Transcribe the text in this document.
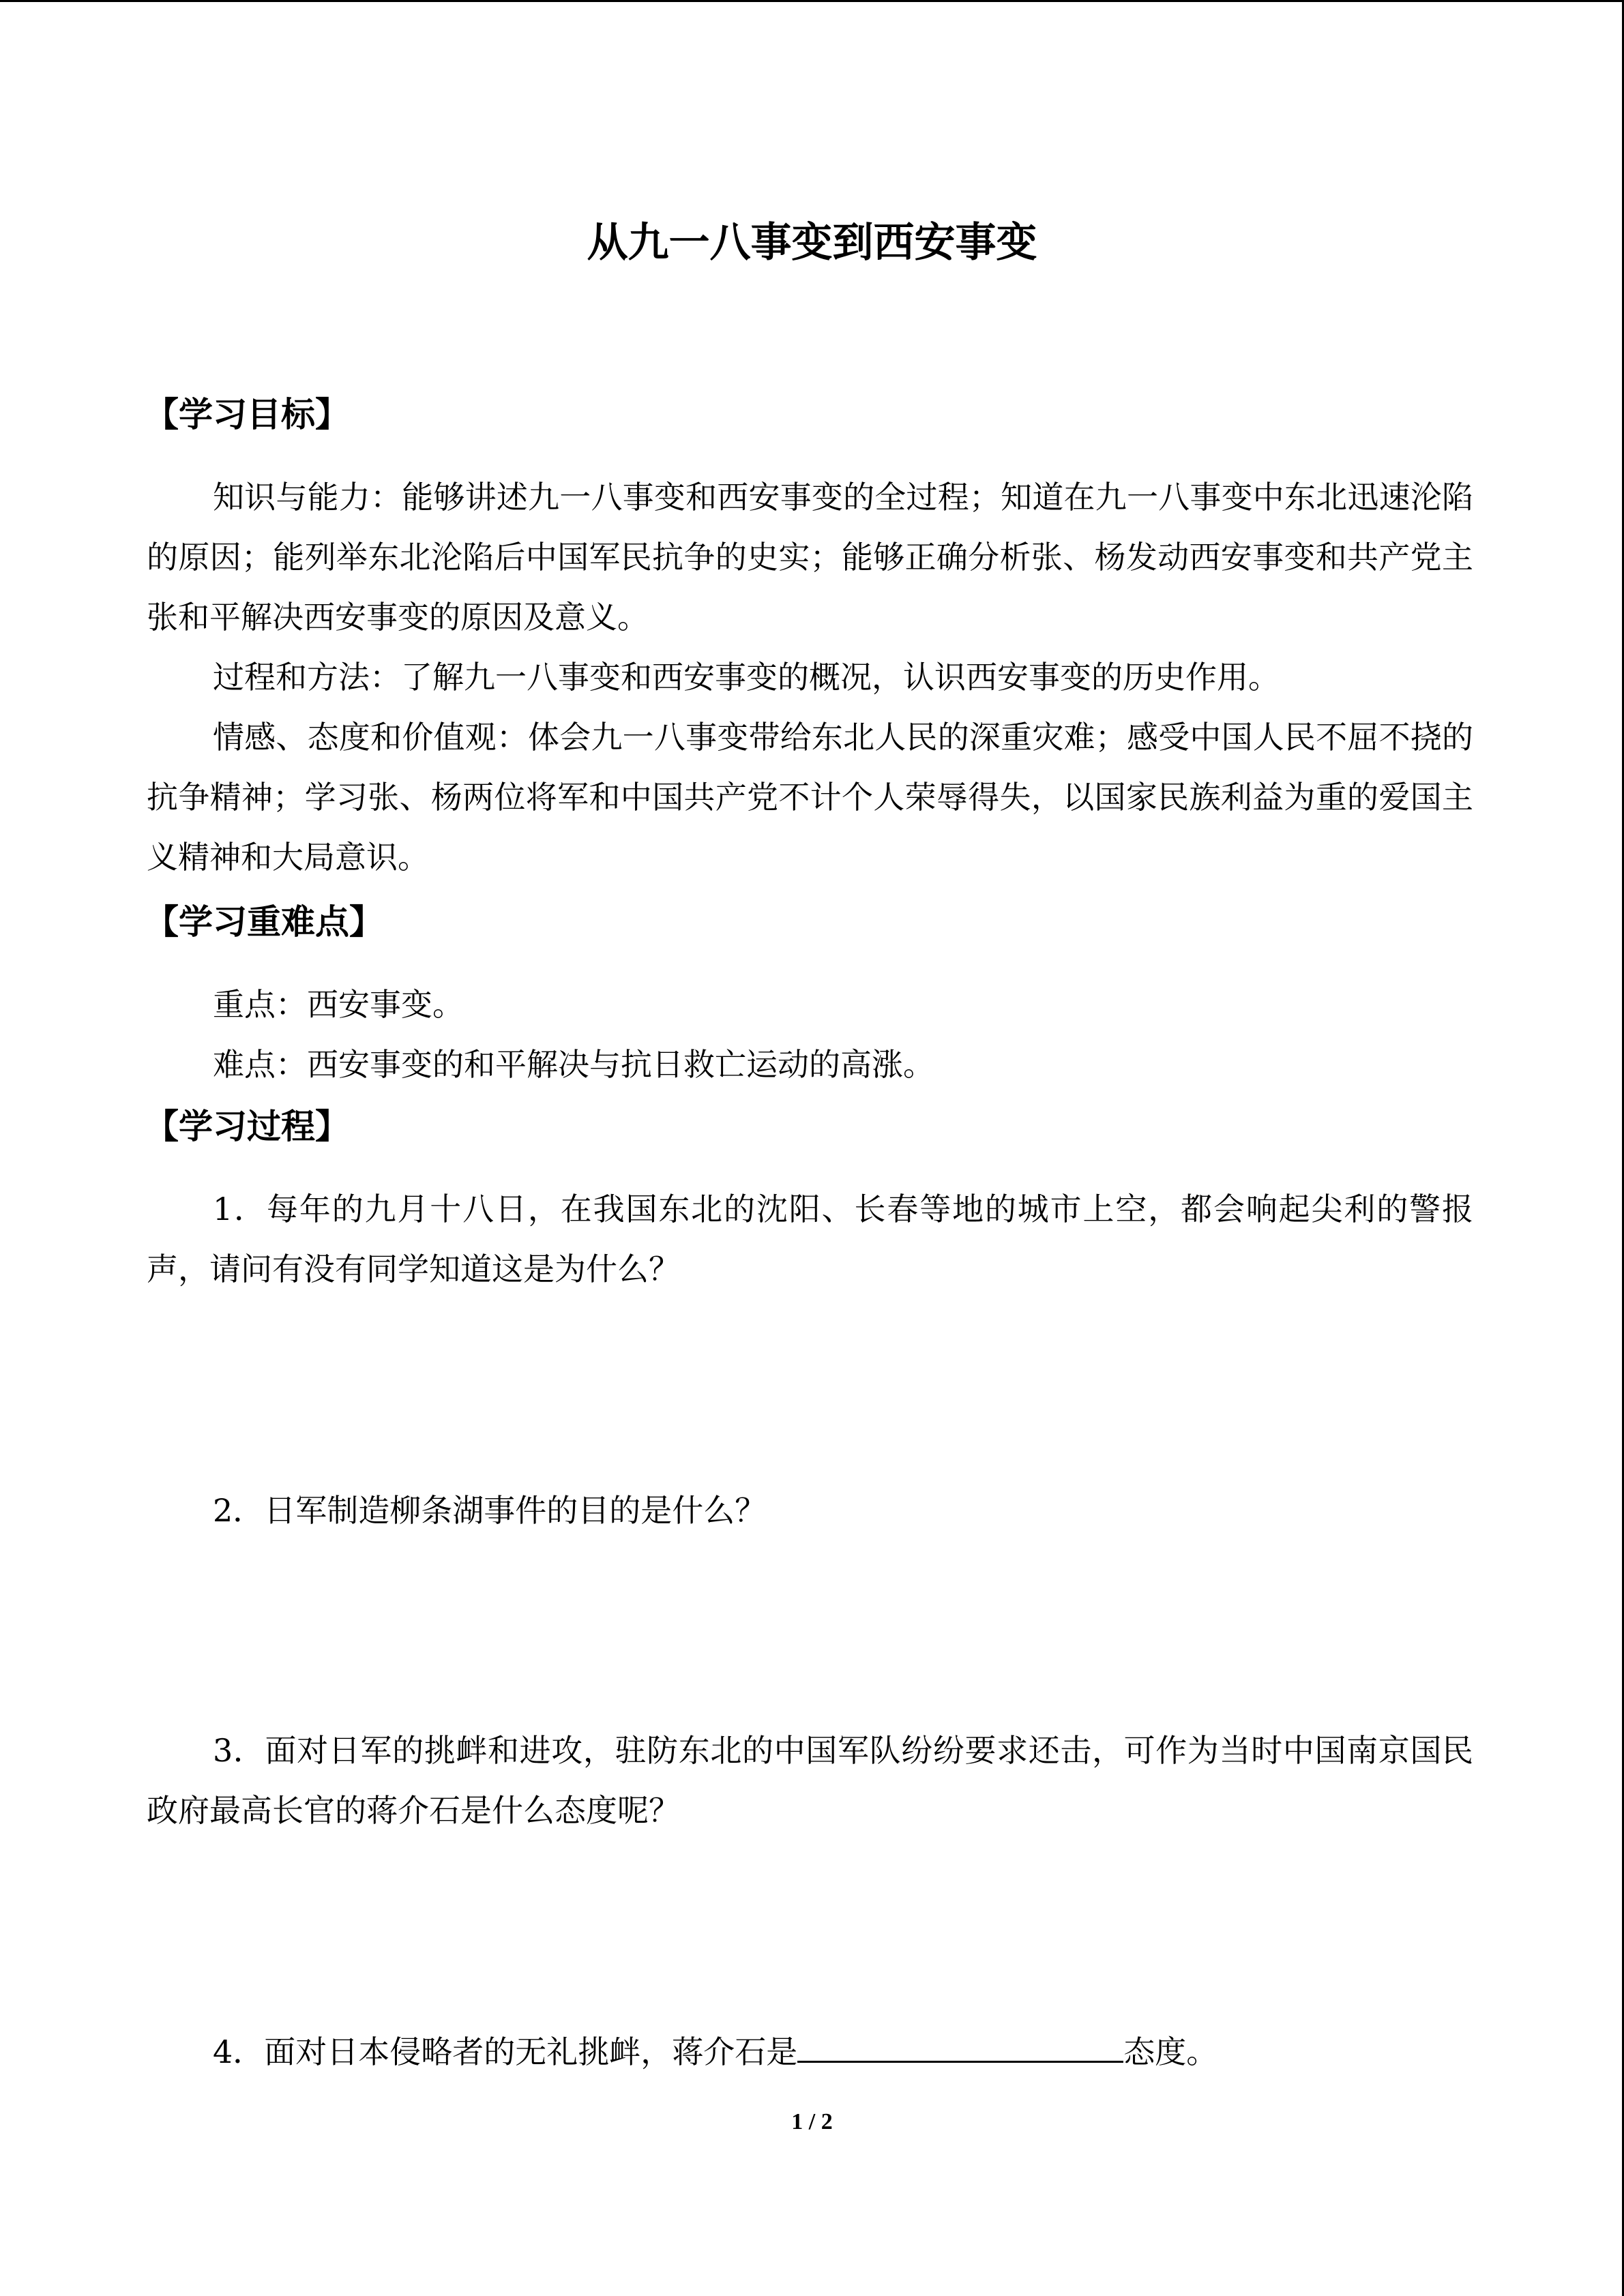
从九一八事变到西安事变
【学习目标】

知识与能力：能够讲述九一八事变和西安事变的全过程；知道在九一八事变中东北迅速沦陷的原因；能列举东北沦陷后中国军民抗争的史实；能够正确分析张、杨发动西安事变和共产党主张和平解决西安事变的原因及意义。

过程和方法：了解九一八事变和西安事变的概况，认识西安事变的历史作用。

情感、态度和价值观：体会九一八事变带给东北人民的深重灾难；感受中国人民不屈不挠的抗争精神；学习张、杨两位将军和中国共产党不计个人荣辱得失，以国家民族利益为重的爱国主义精神和大局意识。

【学习重难点】

重点：西安事变。

难点：西安事变的和平解决与抗日救亡运动的高涨。

【学习过程】

1．每年的九月十八日，在我国东北的沈阳、长春等地的城市上空，都会响起尖利的警报声，请问有没有同学知道这是为什么？

2．日军制造柳条湖事件的目的是什么？

3．面对日军的挑衅和进攻，驻防东北的中国军队纷纷要求还击，可作为当时中国南京国民政府最高长官的蒋介石是什么态度呢？

4．面对日本侵略者的无礼挑衅，蒋介石是	态度。

1 / 2
